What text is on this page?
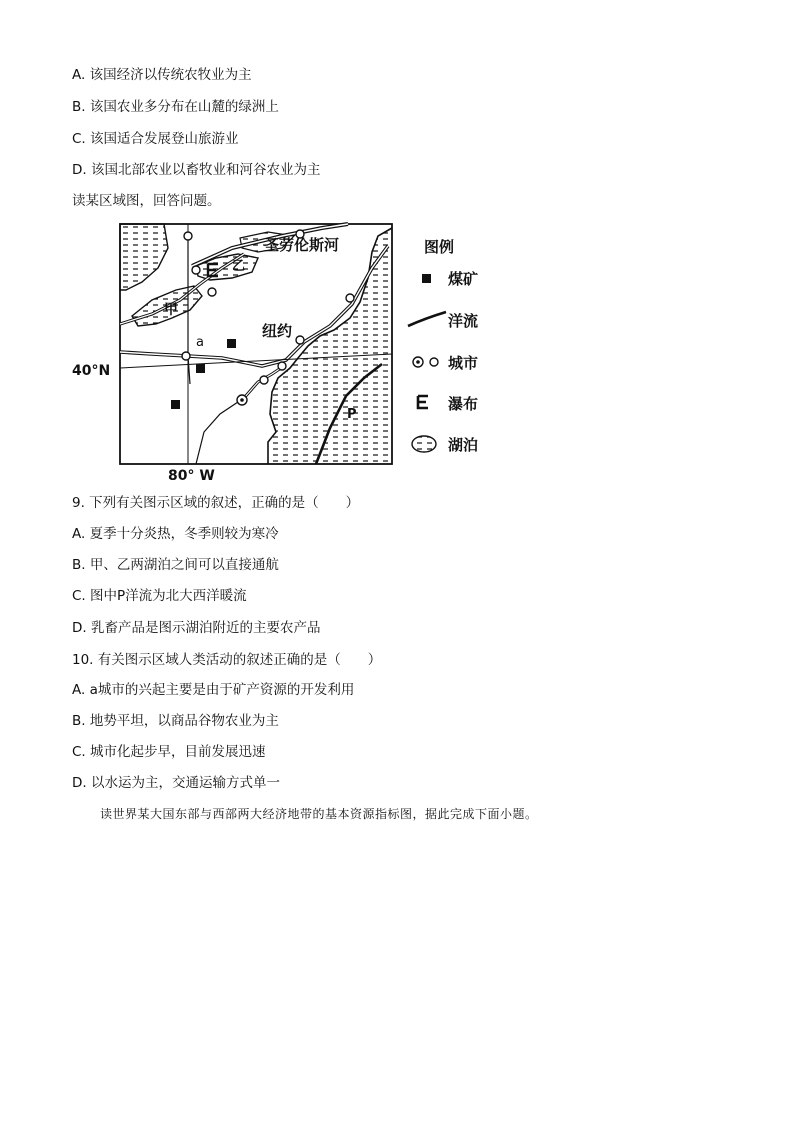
A. 该国经济以传统农牧业为主
B. 该国农业多分布在山麓的绿洲上
C. 该国适合发展登山旅游业
D. 该国北部农业以畜牧业和河谷农业为主
读某区域图，回答问题。
圣劳伦斯河
甲
乙
a
纽约
P
40°N
80° W
图例
煤矿
洋流
城市
瀑布
湖泊
9. 下列有关图示区域的叙述，正确的是（　　）
A. 夏季十分炎热，冬季则较为寒冷
B. 甲、乙两湖泊之间可以直接通航
C. 图中P洋流为北大西洋暖流
D. 乳畜产品是图示湖泊附近的主要农产品
10. 有关图示区域人类活动的叙述正确的是（　　）
A. a城市的兴起主要是由于矿产资源的开发利用
B. 地势平坦，以商品谷物农业为主
C. 城市化起步早，目前发展迅速
D. 以水运为主，交通运输方式单一
读世界某大国东部与西部两大经济地带的基本资源指标图，据此完成下面小题。
